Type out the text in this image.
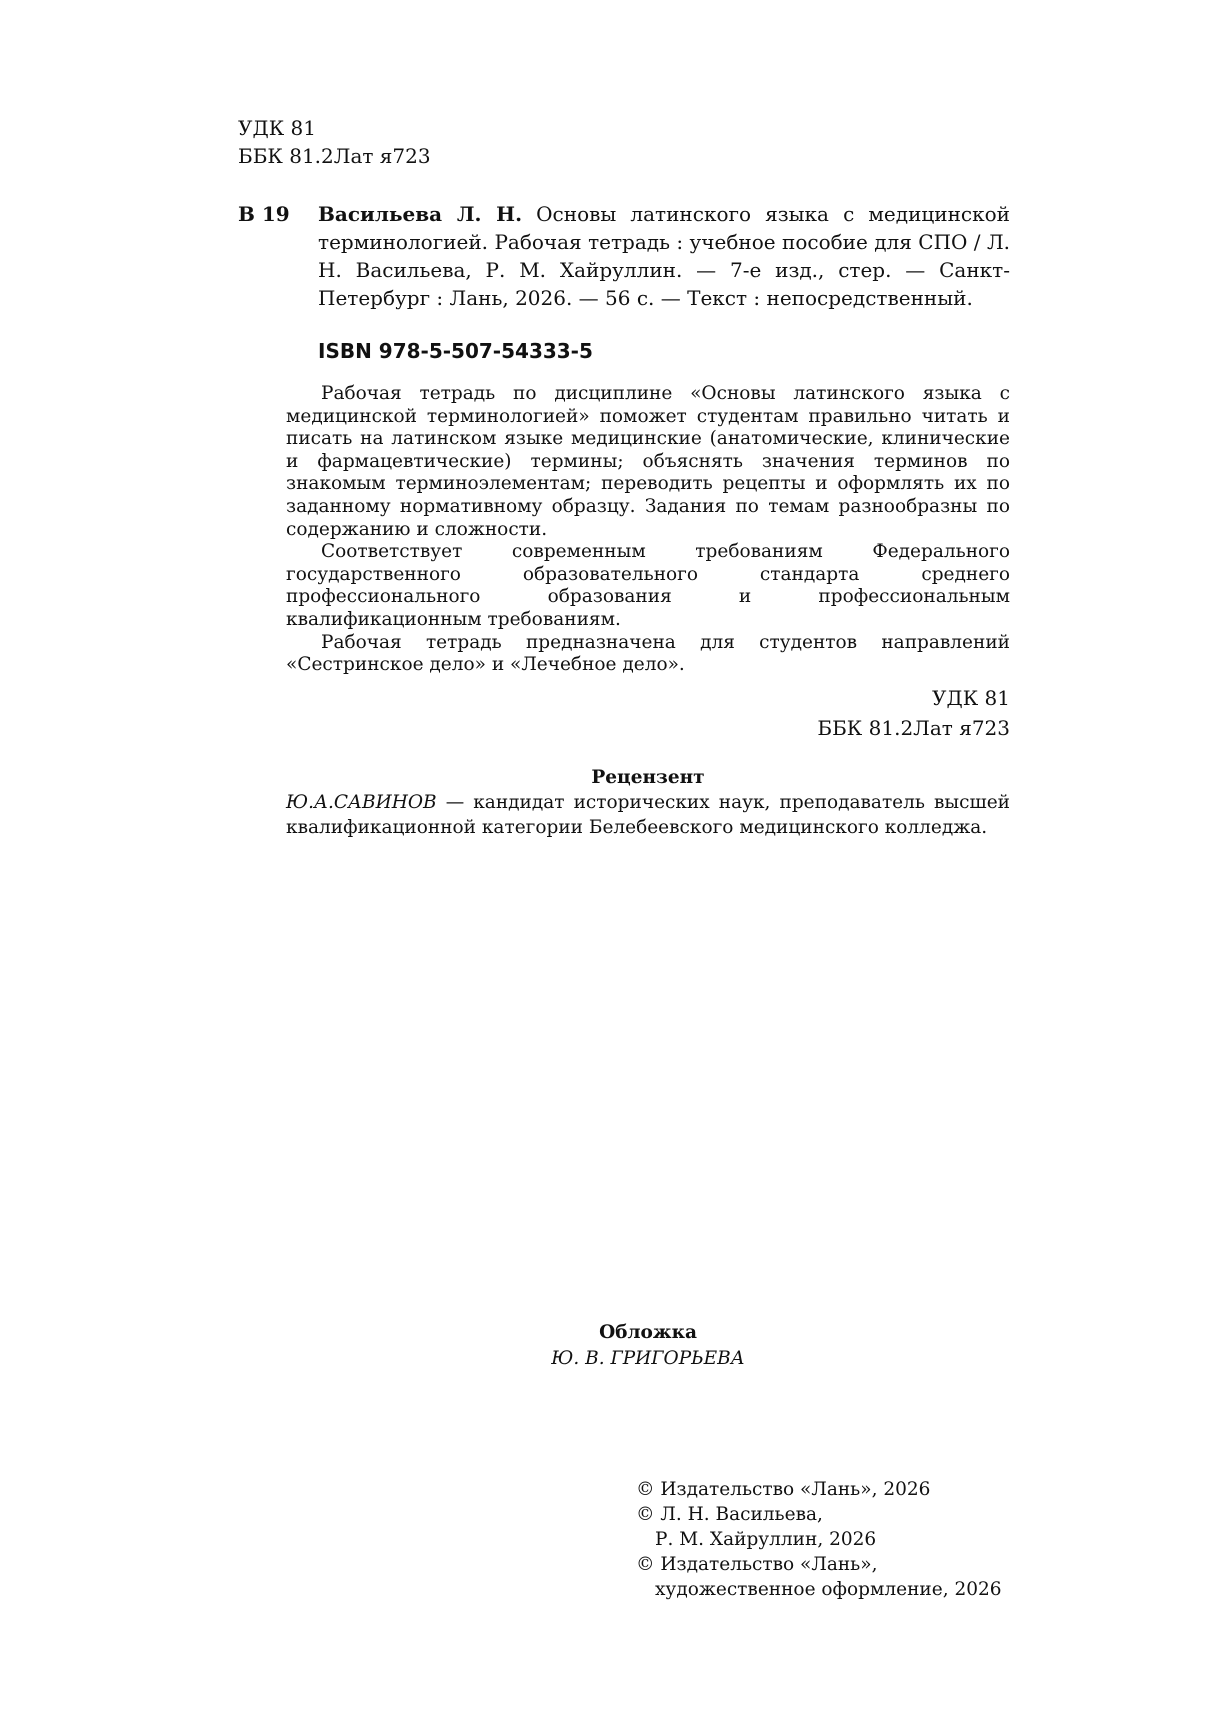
УДК 81
ББК 81.2Лат я723
В 19 Васильева Л. Н. Основы латинского языка с медицинской терминологией. Рабочая тетрадь : учебное пособие для СПО / Л. Н. Васильева, Р. М. Хайруллин. — 7-е изд., стер. — Санкт-Петербург : Лань, 2026. — 56 с. — Текст : непосредственный.
ISBN 978-5-507-54333-5

Рабочая тетрадь по дисциплине «Основы латинского языка с медицинской терминологией» поможет студентам правильно читать и писать на латинском языке медицинские (анатомические, клинические и фармацевтические) термины; объяснять значения терминов по знакомым терминоэлементам; переводить рецепты и оформлять их по заданному нормативному образцу. Задания по темам разнообразны по содержанию и сложности.

Соответствует современным требованиям Федерального государственного образовательного стандарта среднего профессионального образования и профессиональным квалификационным требованиям.

Рабочая тетрадь предназначена для студентов направлений «Сестринское дело» и «Лечебное дело».

УДК 81
ББК 81.2Лат я723
Рецензент
Ю.А.САВИНОВ — кандидат исторических наук, преподаватель высшей квалификационной категории Белебеевского медицинского колледжа.
Обложка
Ю. В. ГРИГОРЬЕВА
© Издательство «Лань», 2026
© Л. Н. Васильева,
Р. М. Хайруллин, 2026
© Издательство «Лань»,
художественное оформление, 2026
